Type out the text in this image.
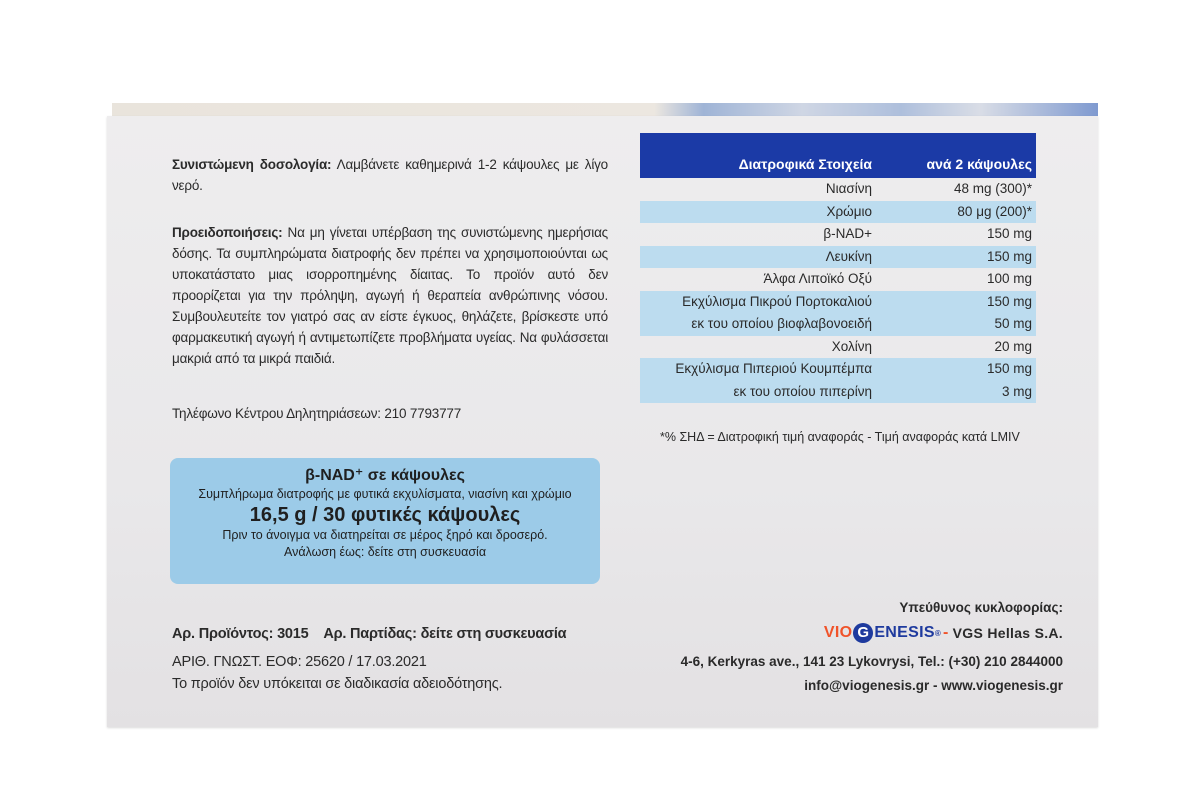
Συνιστώμενη δοσολογία: Λαμβάνετε καθημερινά 1-2 κάψουλες με λίγο νερό.
Προειδοποιήσεις: Να μη γίνεται υπέρβαση της συνιστώμενης ημερήσιας δόσης. Τα συμπληρώματα διατροφής δεν πρέπει να χρησιμοποιούνται ως υποκατάστατο μιας ισορροπημένης δίαιτας. Το προϊόν αυτό δεν προορίζεται για την πρόληψη, αγωγή ή θεραπεία ανθρώπινης νόσου. Συμβουλευτείτε τον γιατρό σας αν είστε έγκυος, θηλάζετε, βρίσκεστε υπό φαρμακευτική αγωγή ή αντιμετωπίζετε προβλήματα υγείας. Να φυλάσσεται μακριά από τα μικρά παιδιά.
Τηλέφωνο Κέντρου Δηλητηριάσεων: 210 7793777
Διατροφικά Στοιχεία	ανά 2 κάψουλες
Νιασίνη	48 mg (300)*
Χρώμιο	80 μg (200)*
β-NAD+	150 mg
Λευκίνη	150 mg
Άλφα Λιποϊκό Οξύ	100 mg
Εκχύλισμα Πικρού Πορτοκαλιού	150 mg
εκ του οποίου βιοφλαβονοειδή	50 mg
Χολίνη	20 mg
Εκχύλισμα Πιπεριού Κουμπέμπα	150 mg
εκ του οποίου πιπερίνη	3 mg
*% ΣΗΔ = Διατροφική τιμή αναφοράς - Τιμή αναφοράς κατά LMIV
β-NAD⁺ σε κάψουλες
Συμπλήρωμα διατροφής με φυτικά εκχυλίσματα, νιασίνη και χρώμιο
16,5 g / 30 φυτικές κάψουλες
Πριν το άνοιγμα να διατηρείται σε μέρος ξηρό και δροσερό.
Ανάλωση έως: δείτε στη συσκευασία
Αρ. Προϊόντος: 3015 Αρ. Παρτίδας: δείτε στη συσκευασία
ΑΡΙΘ. ΓΝΩΣΤ. ΕΟΦ: 25620 / 17.03.2021
Το προϊόν δεν υπόκειται σε διαδικασία αδειοδότησης.
Υπεύθυνος κυκλοφορίας:
VIO G ENESIS ® - VGS Hellas S.A.
4-6, Kerkyras ave., 141 23 Lykovrysi, Tel.: (+30) 210 2844000
info@viogenesis.gr - www.viogenesis.gr
